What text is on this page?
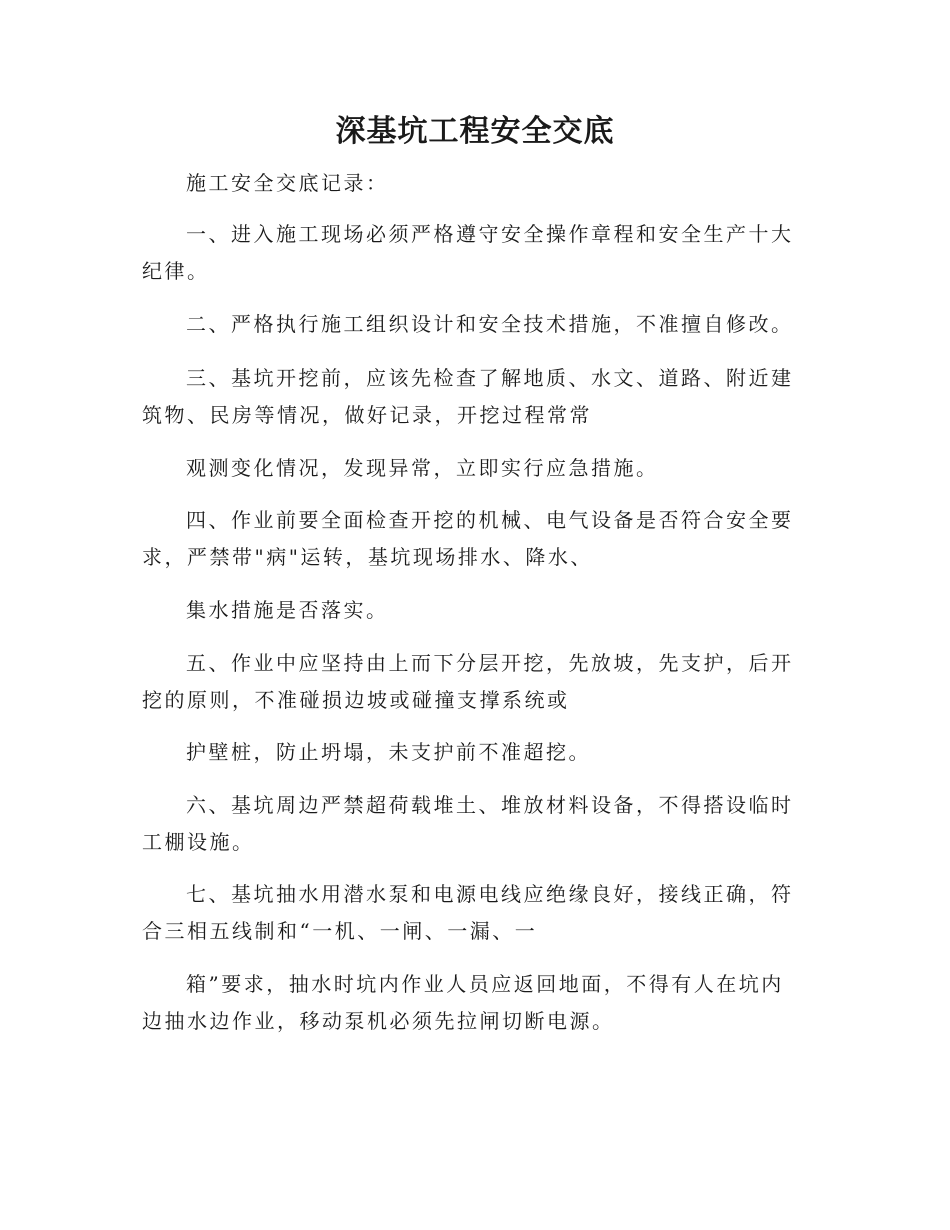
深基坑工程安全交底

施工安全交底记录：

一、进入施工现场必须严格遵守安全操作章程和安全生产十大纪律。

二、严格执行施工组织设计和安全技术措施，不准擅自修改。

三、基坑开挖前，应该先检查了解地质、水文、道路、附近建筑物、民房等情况，做好记录，开挖过程常常

观测变化情况，发现异常，立即实行应急措施。

四、作业前要全面检查开挖的机械、电气设备是否符合安全要求，严禁带"病"运转，基坑现场排水、降水、

集水措施是否落实。

五、作业中应坚持由上而下分层开挖，先放坡，先支护，后开挖的原则，不准碰损边坡或碰撞支撑系统或

护壁桩，防止坍塌，未支护前不准超挖。

六、基坑周边严禁超荷载堆土、堆放材料设备，不得搭设临时工棚设施。

七、基坑抽水用潜水泵和电源电线应绝缘良好，接线正确，符合三相五线制和“一机、一闸、一漏、一

箱”要求，抽水时坑内作业人员应返回地面，不得有人在坑内边抽水边作业，移动泵机必须先拉闸切断电源。
